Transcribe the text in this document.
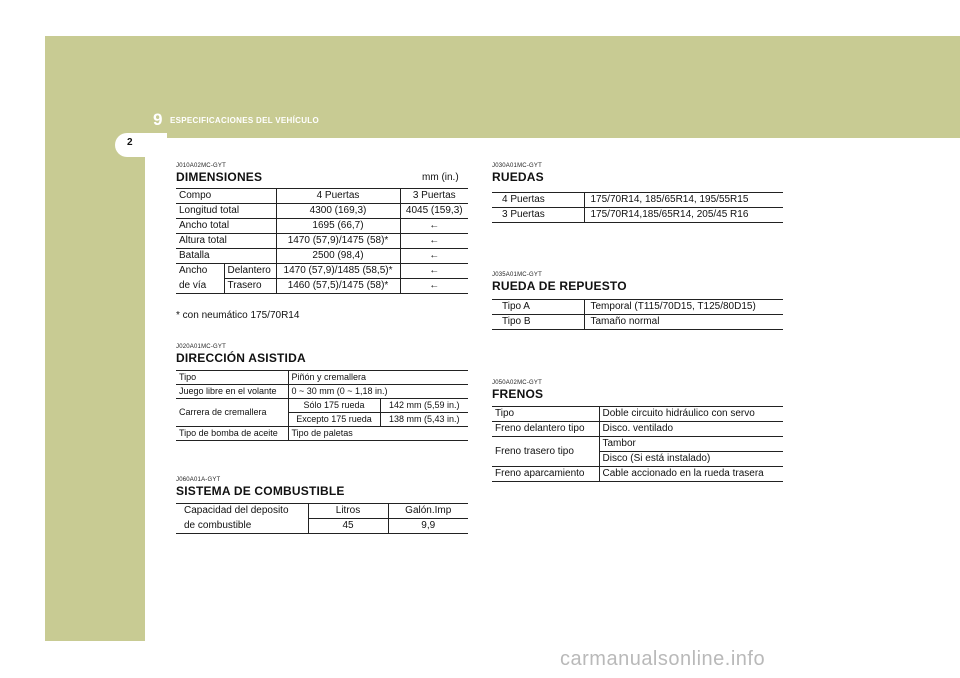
9 ESPECIFICACIONES DEL VEHÍCULO
2
J010A02MC-GYT
DIMENSIONES	mm (in.)
Compo		4 Puertas	3 Puertas
Longitud total		4300 (169,3)	4045 (159,3)
Ancho total		1695 (66,7)	←
Altura total		1470 (57,9)/1475 (58)*	←
Batalla		2500 (98,4)	←
Ancho	Delantero	1470 (57,9)/1485 (58,5)*	←
de vía	Trasero	1460 (57,5)/1475 (58)*	←
* con neumático 175/70R14
J020A01MC-GYT
DIRECCIÓN ASISTIDA
Tipo	Piñón y cremallera	
Juego libre en el volante	0 ~ 30 mm (0 ~ 1,18 in.)	
Carrera de cremallera	Sólo 175 rueda	142 mm (5,59 in.)
	Excepto 175 rueda	138 mm (5,43 in.)
Tipo de bomba de aceite	Tipo de paletas	
J060A01A-GYT
SISTEMA DE COMBUSTIBLE
Capacidad del deposito	Litros	Galón.Imp
de combustible	45	9,9
J030A01MC-GYT
RUEDAS
4 Puertas	175/70R14, 185/65R14, 195/55R15
3 Puertas	175/70R14,185/65R14, 205/45 R16
J035A01MC-GYT
RUEDA DE REPUESTO
Tipo A	Temporal (T115/70D15, T125/80D15)
Tipo B	Tamaño normal
J050A02MC-GYT
FRENOS
Tipo	Doble circuito hidráulico con servo
Freno delantero tipo	Disco. ventilado
Freno trasero tipo	Tambor
	Disco (Si está instalado)
Freno aparcamiento	Cable accionado en la rueda trasera
carmanualsonline.info
